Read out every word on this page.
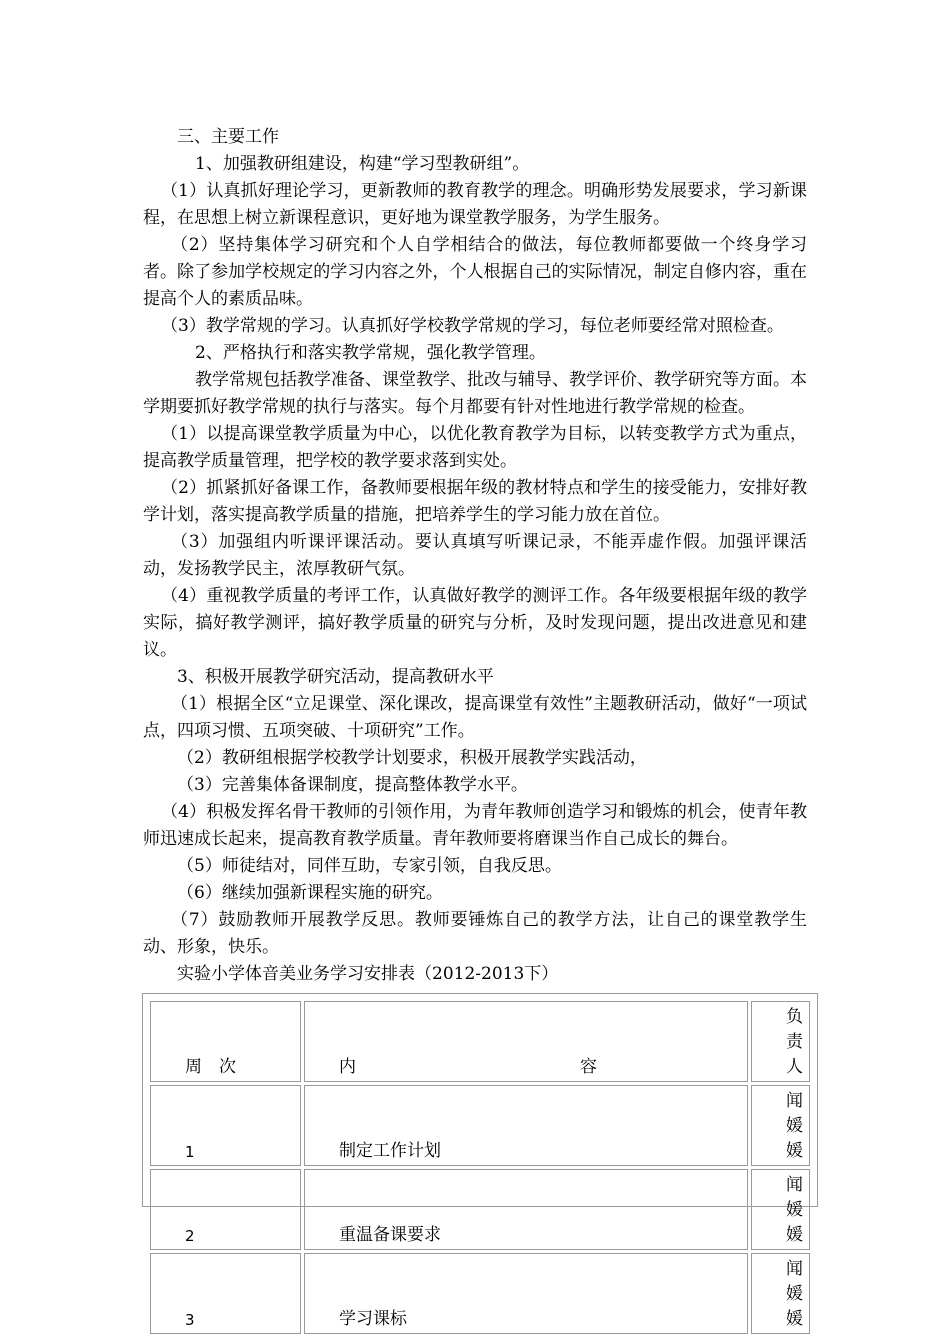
三、主要工作

1、加强教研组建设，构建“学习型教研组”。

（1）认真抓好理论学习，更新教师的教育教学的理念。明确形势发展要求，学习新课程，在思想上树立新课程意识，更好地为课堂教学服务，为学生服务。

（2）坚持集体学习研究和个人自学相结合的做法，每位教师都要做一个终身学习者。除了参加学校规定的学习内容之外，个人根据自己的实际情况，制定自修内容，重在提高个人的素质品味。

（3）教学常规的学习。认真抓好学校教学常规的学习，每位老师要经常对照检查。

2、严格执行和落实教学常规，强化教学管理。

教学常规包括教学准备、课堂教学、批改与辅导、教学评价、教学研究等方面。本学期要抓好教学常规的执行与落实。每个月都要有针对性地进行教学常规的检查。

（1）以提高课堂教学质量为中心，以优化教育教学为目标，以转变教学方式为重点，提高教学质量管理，把学校的教学要求落到实处。

（2）抓紧抓好备课工作，备教师要根据年级的教材特点和学生的接受能力，安排好教学计划，落实提高教学质量的措施，把培养学生的学习能力放在首位。

（3）加强组内听课评课活动。要认真填写听课记录，不能弄虚作假。加强评课活动，发扬教学民主，浓厚教研气氛。

（4）重视教学质量的考评工作，认真做好教学的测评工作。各年级要根据年级的教学实际，搞好教学测评，搞好教学质量的研究与分析，及时发现问题，提出改进意见和建议。

3、积极开展教学研究活动，提高教研水平

（1）根据全区“立足课堂、深化课改，提高课堂有效性”主题教研活动，做好“一项试点，四项习惯、五项突破、十项研究”工作。

（2）教研组根据学校教学计划要求，积极开展教学实践活动，

（3）完善集体备课制度，提高整体教学水平。

（4）积极发挥名骨干教师的引领作用，为青年教师创造学习和锻炼的机会，使青年教师迅速成长起来，提高教育教学质量。青年教师要将磨课当作自己成长的舞台。

（5）师徒结对，同伴互助，专家引领，自我反思。

（6）继续加强新课程实施的研究。

（7）鼓励教师开展教学反思。教师要锤炼自己的教学方法，让自己的课堂教学生动、形象，快乐。

实验小学体音美业务学习安排表（2012-2013下）

周　次	内 容	负责人
1	制定工作计划	闻媛媛
2	重温备课要求	闻媛媛
3	学习课标	闻媛媛
